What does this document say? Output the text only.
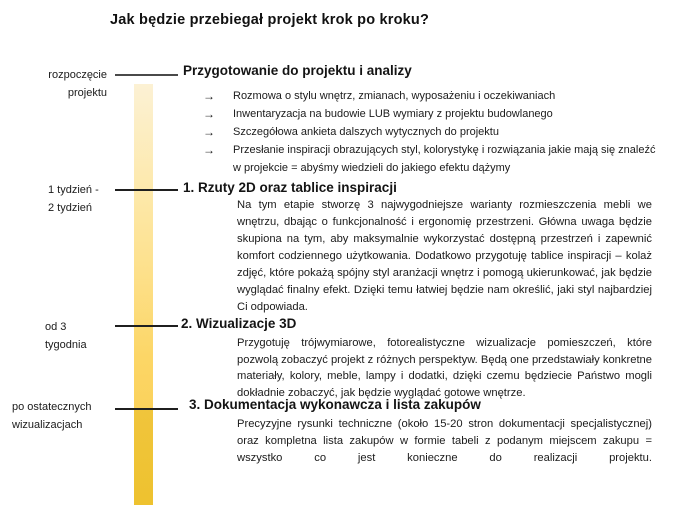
Jak będzie przebiegał projekt krok po kroku?
rozpoczęcie
projektu
1 tydzień -
2 tydzień
od 3
tygodnia
po ostatecznych
wizualizacjach
Przygotowanie do projektu i analizy
→	Rozmowa o stylu wnętrz, zmianach, wyposażeniu i oczekiwaniach
→	Inwentaryzacja na budowie LUB wymiary z projektu budowlanego
→	Szczegółowa ankieta dalszych wytycznych do projektu
→	Przesłanie inspiracji obrazujących styl, kolorystykę i rozwiązania jakie mają się znaleźć w projekcie = abyśmy wiedzieli do jakiego efektu dążymy
1. Rzuty 2D oraz tablice inspiracji
Na tym etapie stworzę 3 najwygodniejsze warianty rozmieszczenia mebli we wnętrzu, dbając o funkcjonalność i ergonomię przestrzeni. Główna uwaga będzie skupiona na tym, aby maksymalnie wykorzystać dostępną przestrzeń i zapewnić komfort codziennego użytkowania. Dodatkowo przygotuję tablice inspiracji – kolaż zdjęć, które pokażą spójny styl aranżacji wnętrz i pomogą ukierunkować, jak będzie wyglądać finalny efekt. Dzięki temu łatwiej będzie nam określić, jaki styl najbardziej Ci odpowiada.
2. Wizualizacje 3D
Przygotuję trójwymiarowe, fotorealistyczne wizualizacje pomieszczeń, które pozwolą zobaczyć projekt z różnych perspektyw. Będą one przedstawiały konkretne materiały, kolory, meble, lampy i dodatki, dzięki czemu będziecie Państwo mogli dokładnie zobaczyć, jak będzie wyglądać gotowe wnętrze.
3. Dokumentacja wykonawcza i lista zakupów
Precyzyjne rysunki techniczne (około 15-20 stron dokumentacji specjalistycznej) oraz kompletna lista zakupów w formie tabeli z podanym miejscem zakupu = wszystko co jest konieczne do realizacji projektu.
